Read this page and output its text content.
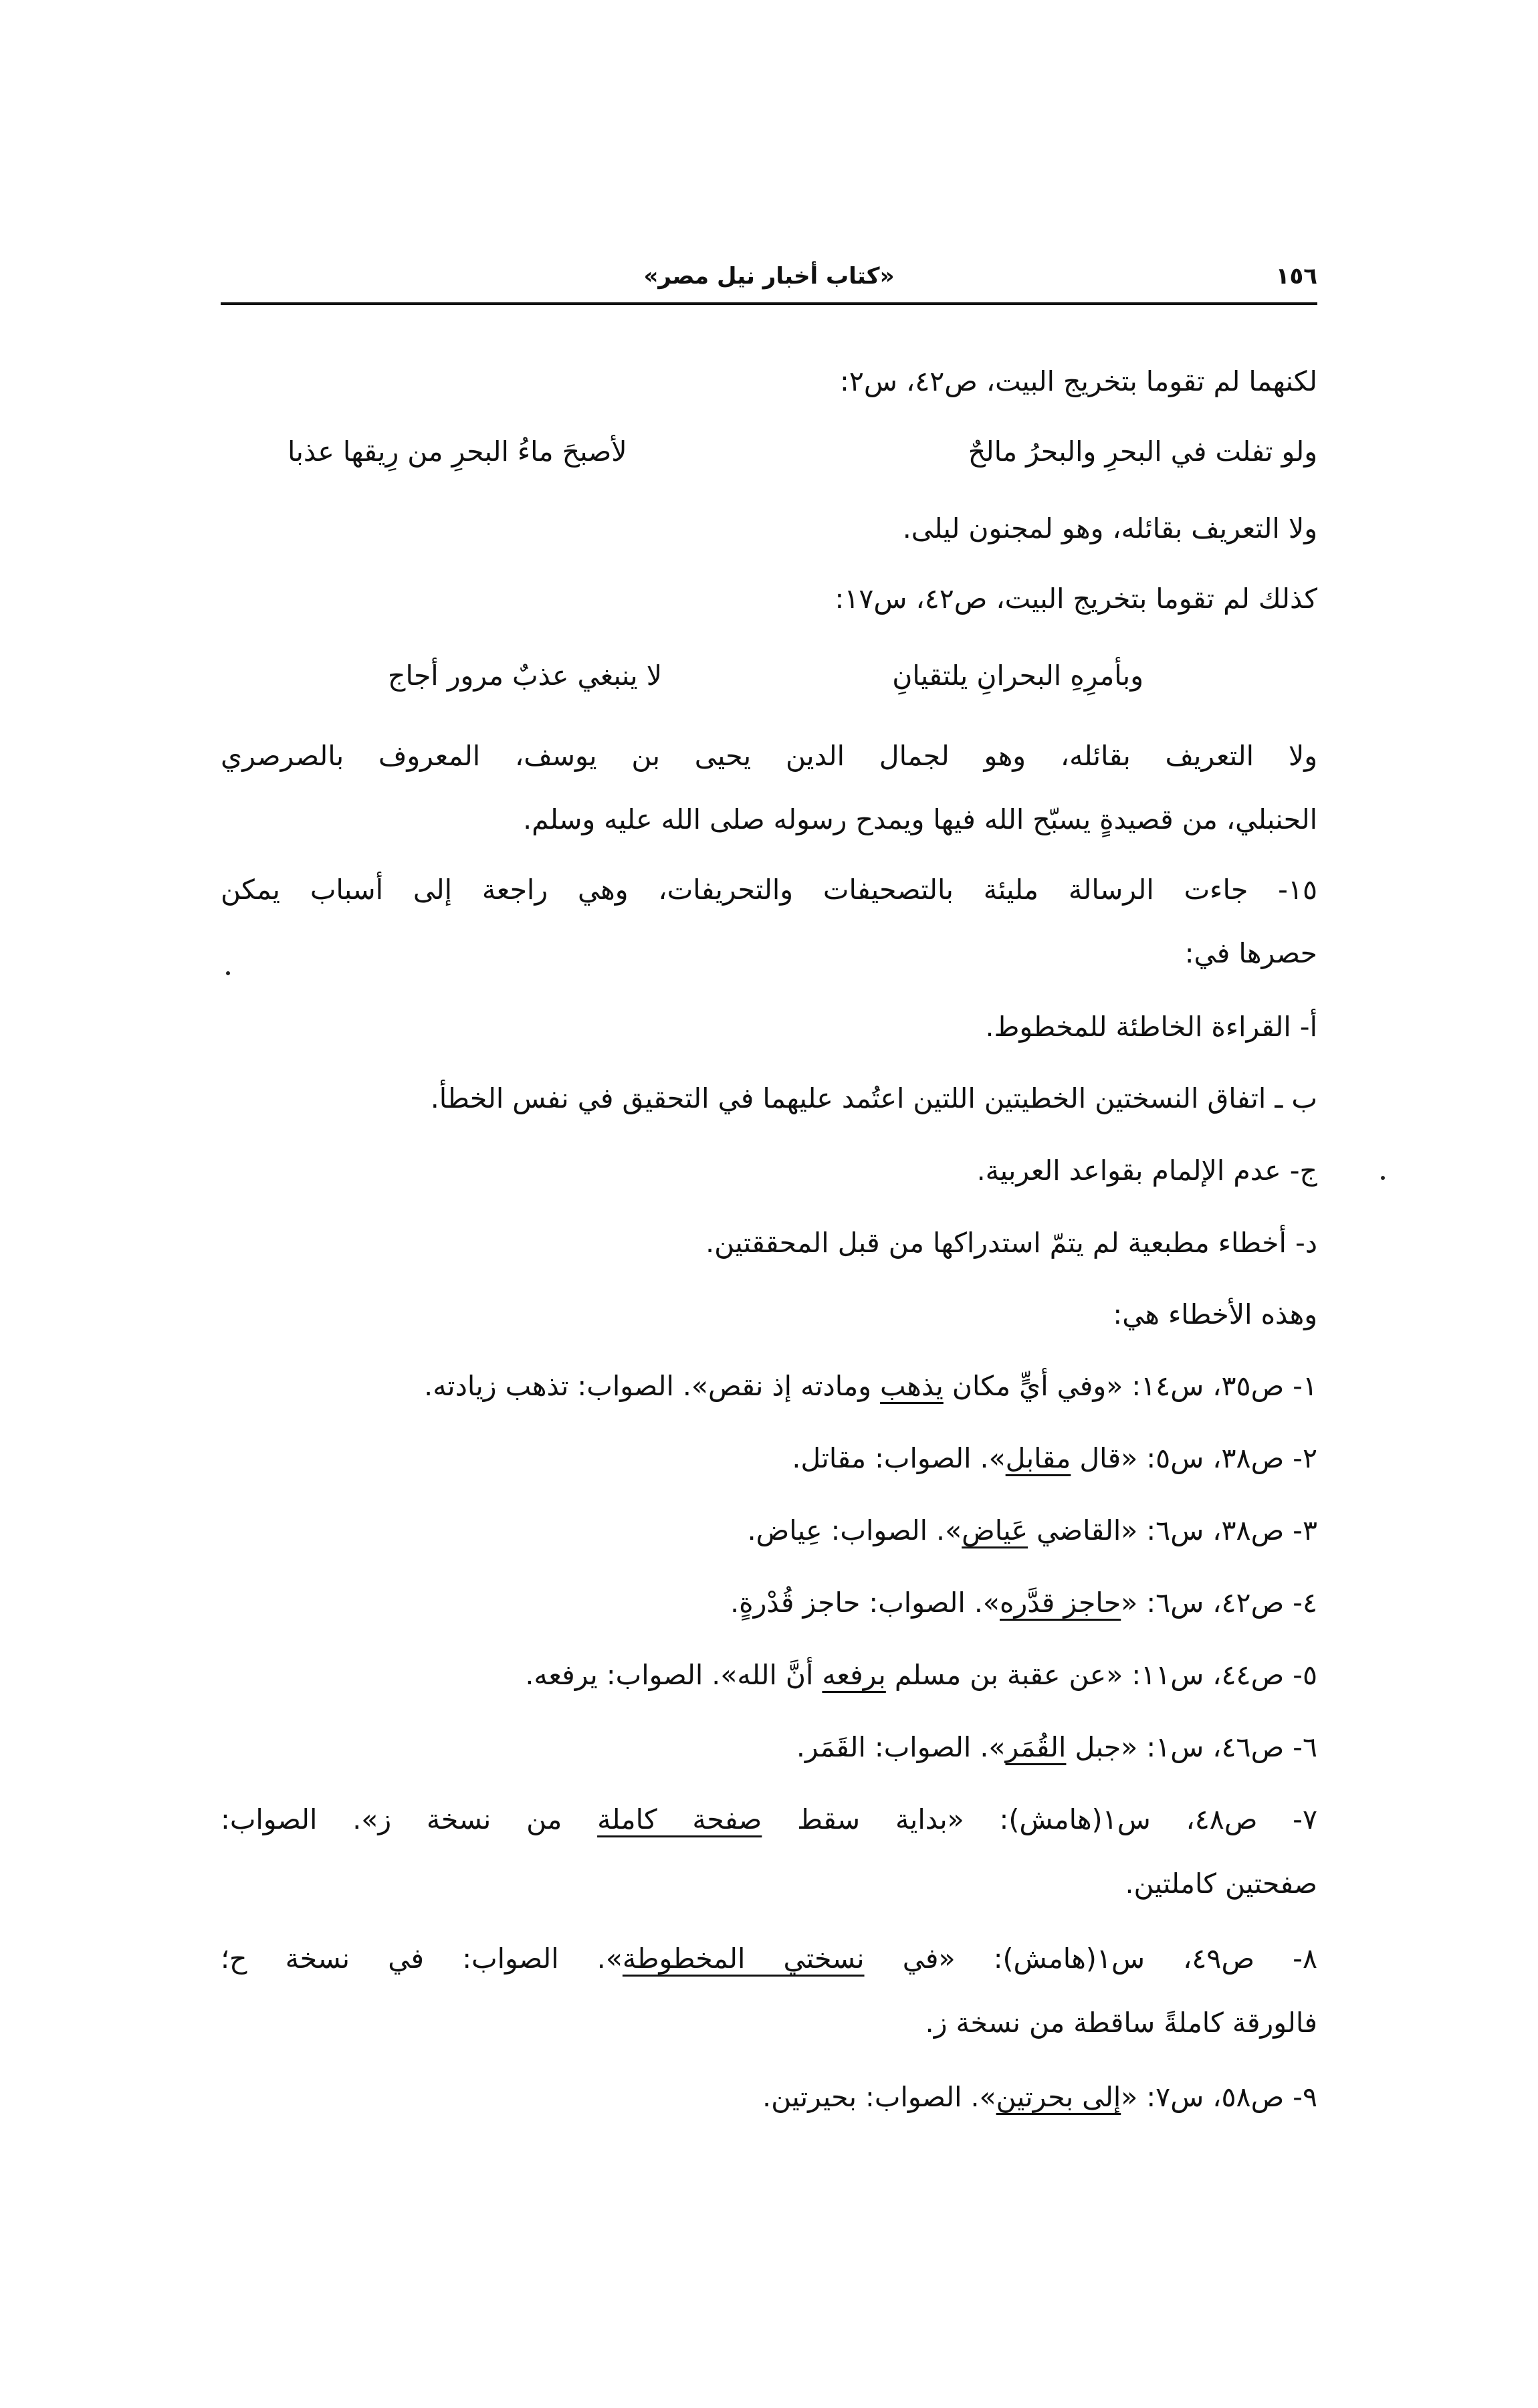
١٥٦
«كتاب أخبار نيل مصر»
لكنهما لم تقوما بتخريج البيت، ص٤٢، س٢:
ولو تفلت في البحرِ والبحرُ مالحٌ
لأصبحَ ماءُ البحرِ من رِيقها عذبا
ولا التعريف بقائله، وهو لمجنون ليلى.
كذلك لم تقوما بتخريج البيت، ص٤٢، س١٧:
وبأمرِهِ البحرانِ يلتقيانِ
لا ينبغي عذبٌ مرور أجاج
ولا التعريف بقائله، وهو لجمال الدين يحيى بن يوسف، المعروف بالصرصري
الحنبلي، من قصيدةٍ يسبّح الله فيها ويمدح رسوله صلى الله عليه وسلم.
١٥- جاءت الرسالة مليئة بالتصحيفات والتحريفات، وهي راجعة إلى أسباب يمكن
حصرها في:
أ- القراءة الخاطئة للمخطوط.
ب ـ اتفاق النسختين الخطيتين اللتين اعتُمد عليهما في التحقيق في نفس الخطأ.
ج- عدم الإلمام بقواعد العربية.
د- أخطاء مطبعية لم يتمّ استدراكها من قبل المحققتين.
وهذه الأخطاء هي:
١- ص٣٥، س١٤: «وفي أيٍّ مكان يذهب ومادته إذ نقص». الصواب: تذهب زيادته.
٢- ص٣٨، س٥: «قال مقابل». الصواب: مقاتل.
٣- ص٣٨، س٦: «القاضي عَياض». الصواب: عِياض.
٤- ص٤٢، س٦: «حاجز قدَّره». الصواب: حاجز قُدْرةٍ.
٥- ص٤٤، س١١: «عن عقبة بن مسلم برفعه أنَّ الله». الصواب: يرفعه.
٦- ص٤٦، س١: «جبل القُمَر». الصواب: القَمَر.
٧- ص٤٨، س١(هامش): «بداية سقط صفحة كاملة من نسخة ز». الصواب:
صفحتين كاملتين.
٨- ص٤٩، س١(هامش): «في نسختي المخطوطة». الصواب: في نسخة ح؛
فالورقة كاملةً ساقطة من نسخة ز.
٩- ص٥٨، س٧: «إلى بحرتين». الصواب: بحيرتين.
